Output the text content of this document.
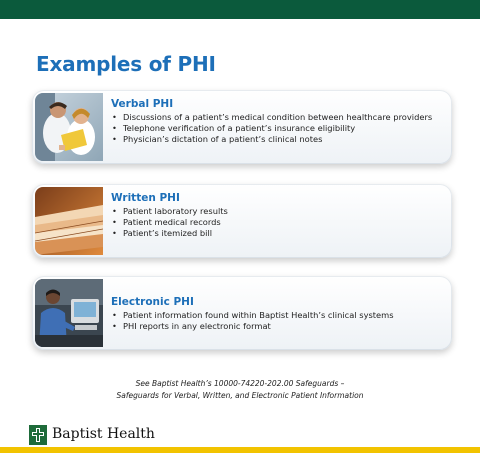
Examples of PHI
Verbal PHI
• Discussions of a patient’s medical condition between healthcare providers
• Telephone verification of a patient’s insurance eligibility
• Physician’s dictation of a patient’s clinical notes
Written PHI
• Patient laboratory results
• Patient medical records
• Patient’s itemized bill
Electronic PHI
• Patient information found within Baptist Health’s clinical systems
• PHI reports in any electronic format
See Baptist Health’s 10000-74220-202.00 Safeguards –
Safeguards for Verbal, Written, and Electronic Patient Information
Baptist Health
